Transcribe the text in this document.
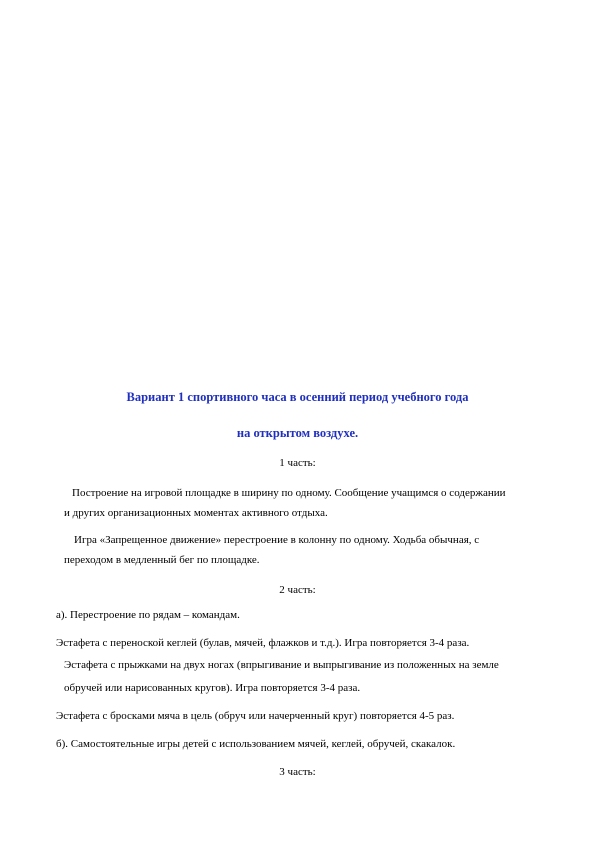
Вариант 1 спортивного часа в осенний период учебного года
на открытом воздухе.
1 часть:
Построение на игровой площадке в ширину по одному. Сообщение учащимся о содержании
и других организационных моментах активного отдыха.
Игра «Запрещенное движение» перестроение в колонну по одному. Ходьба обычная, с
переходом в медленный бег по площадке.
2 часть:
а). Перестроение по рядам – командам.
Эстафета с переноской кеглей (булав, мячей, флажков и т.д.). Игра повторяется 3-4 раза.
Эстафета с прыжками на двух ногах (впрыгивание и выпрыгивание из положенных на земле
обручей или нарисованных кругов). Игра повторяется 3-4 раза.
Эстафета с бросками мяча в цель (обруч или начерченный круг) повторяется 4-5 раз.
б). Самостоятельные игры детей с использованием мячей, кеглей, обручей, скакалок.
3 часть:
